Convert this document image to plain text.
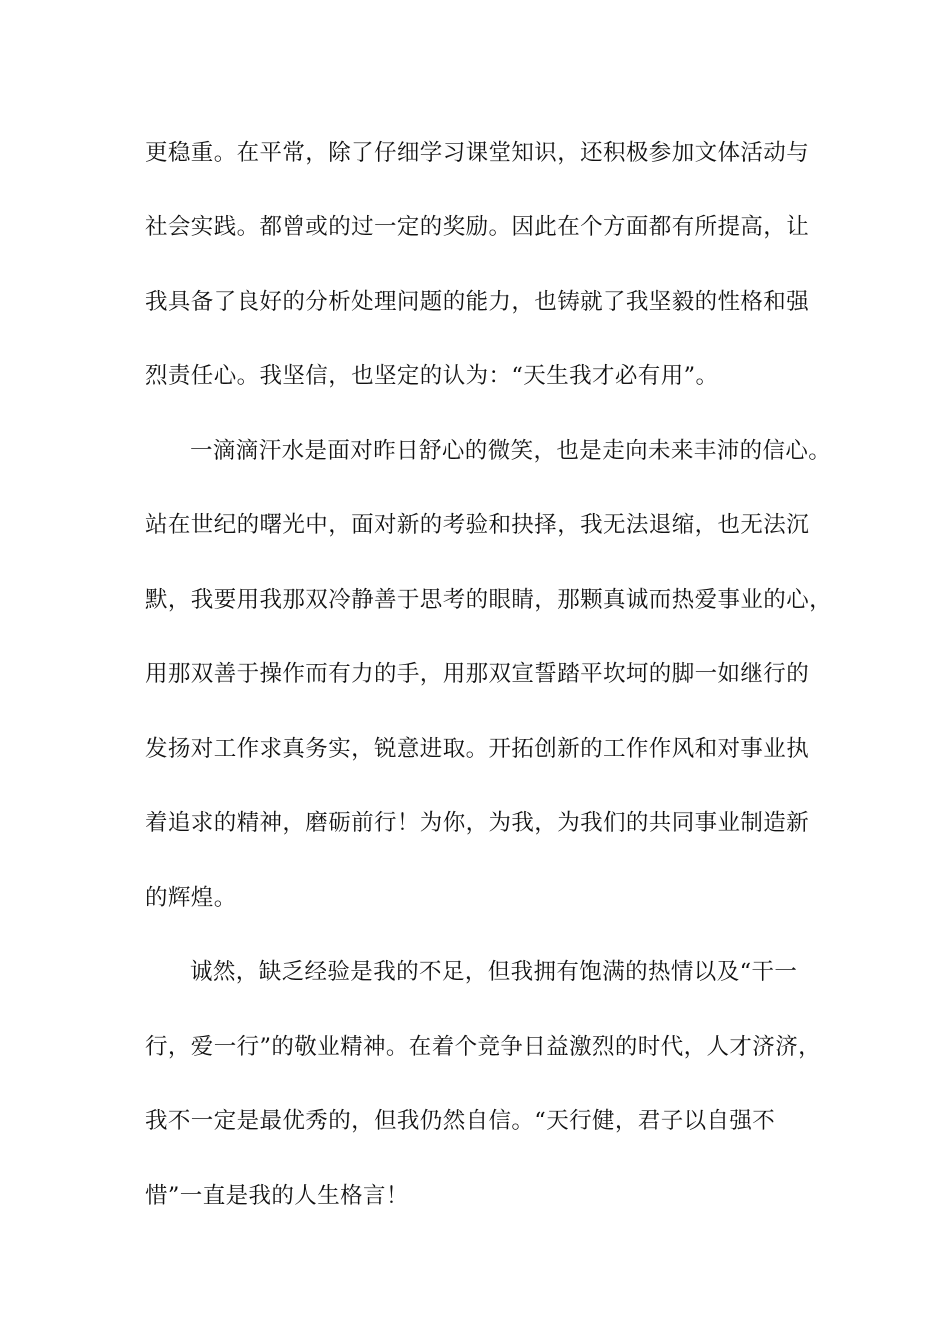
更稳重。在平常，除了仔细学习课堂知识，还积极参加文体活动与
社会实践。都曾或的过一定的奖励。因此在个方面都有所提高，让
我具备了良好的分析处理问题的能力，也铸就了我坚毅的性格和强
烈责任心。我坚信，也坚定的认为：“天生我才必有用”。
一滴滴汗水是面对昨日舒心的微笑，也是走向未来丰沛的信心。
站在世纪的曙光中，面对新的考验和抉择，我无法退缩，也无法沉
默，我要用我那双冷静善于思考的眼睛，那颗真诚而热爱事业的心，
用那双善于操作而有力的手，用那双宣誓踏平坎坷的脚一如继行的
发扬对工作求真务实，锐意进取。开拓创新的工作作风和对事业执
着追求的精神，磨砺前行！为你，为我，为我们的共同事业制造新
的辉煌。
诚然，缺乏经验是我的不足，但我拥有饱满的热情以及“干一
行，爱一行”的敬业精神。在着个竞争日益激烈的时代，人才济济，
我不一定是最优秀的，但我仍然自信。“天行健，君子以自强不
惜”一直是我的人生格言！
